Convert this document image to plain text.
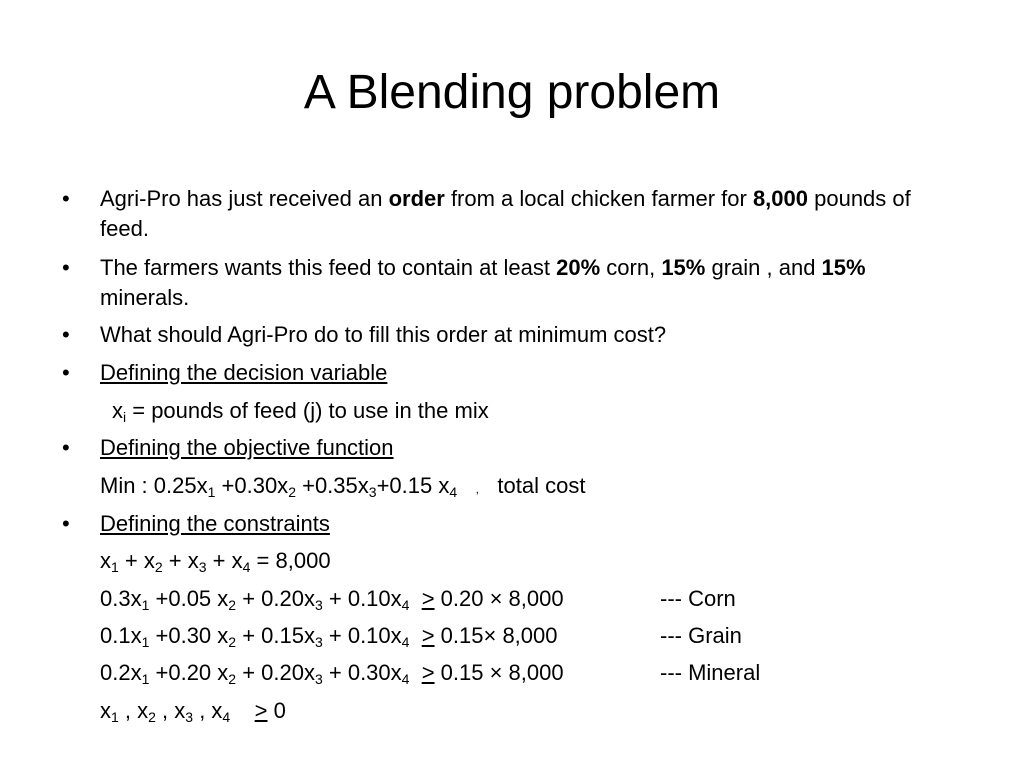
A Blending problem
• Agri-Pro has just received an order from a local chicken farmer for 8,000 pounds of feed.
• The farmers wants this feed to contain at least 20% corn, 15% grain , and 15% minerals.
• What should Agri-Pro do to fill this order at minimum cost?
• Defining the decision variable
$x_i$ = pounds of feed (j) to use in the mix
• Defining the objective function
Min : $0.25x_1 +0.30x_2 +0.35x_3+0.15$ $x_4$ , total cost
• Defining the constraints
$x_1 + x_2 + x_3 + x_4 = 8,000$
$0.3x_1 +0.05$ $x_2 + 0.20x_3 + 0.10x_4 \ge 0.20 \times 8,000$	--- Corn
$0.1x_1 +0.30$ $x_2 + 0.15x_3 + 0.10x_4 \ge 0.15\times 8,000$	--- Grain
$0.2x_1 +0.20$ $x_2 + 0.20x_3 + 0.30x_4 \ge 0.15 \times 8,000$	--- Mineral
$x_1$ , $x_2$ , $x_3$ , $x_4 \ge 0$
